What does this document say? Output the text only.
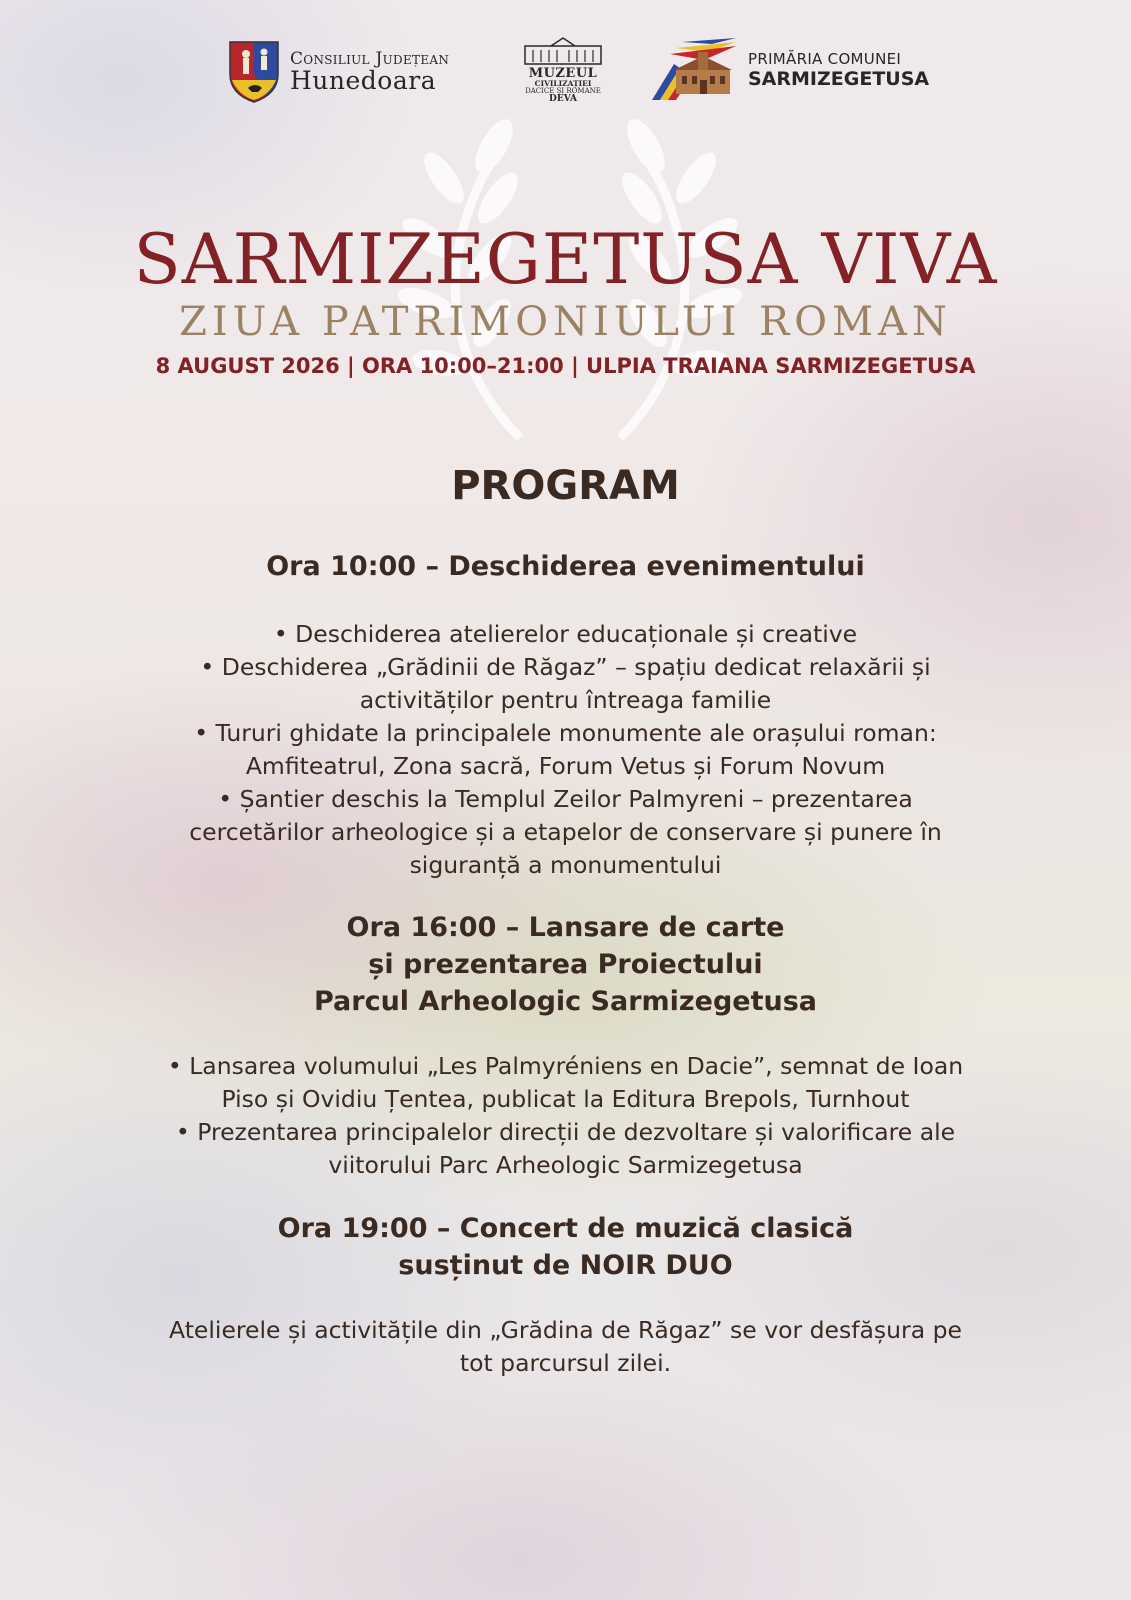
Consiliul Județean
Hunedoara	MUZEUL
CIVILIZAȚIEI
DACICE ȘI ROMANE
DEVA
PRIMĂRIA COMUNEI
SARMIZEGETUSA
SARMIZEGETUSA VIVA
ZIUA PATRIMONIULUI ROMAN
8 AUGUST 2026 | ORA 10:00–21:00 | ULPIA TRAIANA SARMIZEGETUSA
PROGRAM
Ora 10:00 – Deschiderea evenimentului

• Deschiderea atelierelor educaționale și creative

• Deschiderea „Grădinii de Răgaz” – spațiu dedicat relaxării și activităților pentru întreaga familie

• Tururi ghidate la principalele monumente ale orașului roman: Amfiteatrul, Zona sacră, Forum Vetus și Forum Novum

• Șantier deschis la Templul Zeilor Palmyreni – prezentarea cercetărilor arheologice și a etapelor de conservare și punere în siguranță a monumentului

Ora 16:00 – Lansare de carte
și prezentarea Proiectului
Parcul Arheologic Sarmizegetusa

• Lansarea volumului „Les Palmyréniens en Dacie”, semnat de Ioan Piso și Ovidiu Țentea, publicat la Editura Brepols, Turnhout

• Prezentarea principalelor direcții de dezvoltare și valorificare ale viitorului Parc Arheologic Sarmizegetusa

Ora 19:00 – Concert de muzică clasică
susținut de NOIR DUO

Atelierele și activitățile din „Grădina de Răgaz” se vor desfășura pe tot parcursul zilei.
